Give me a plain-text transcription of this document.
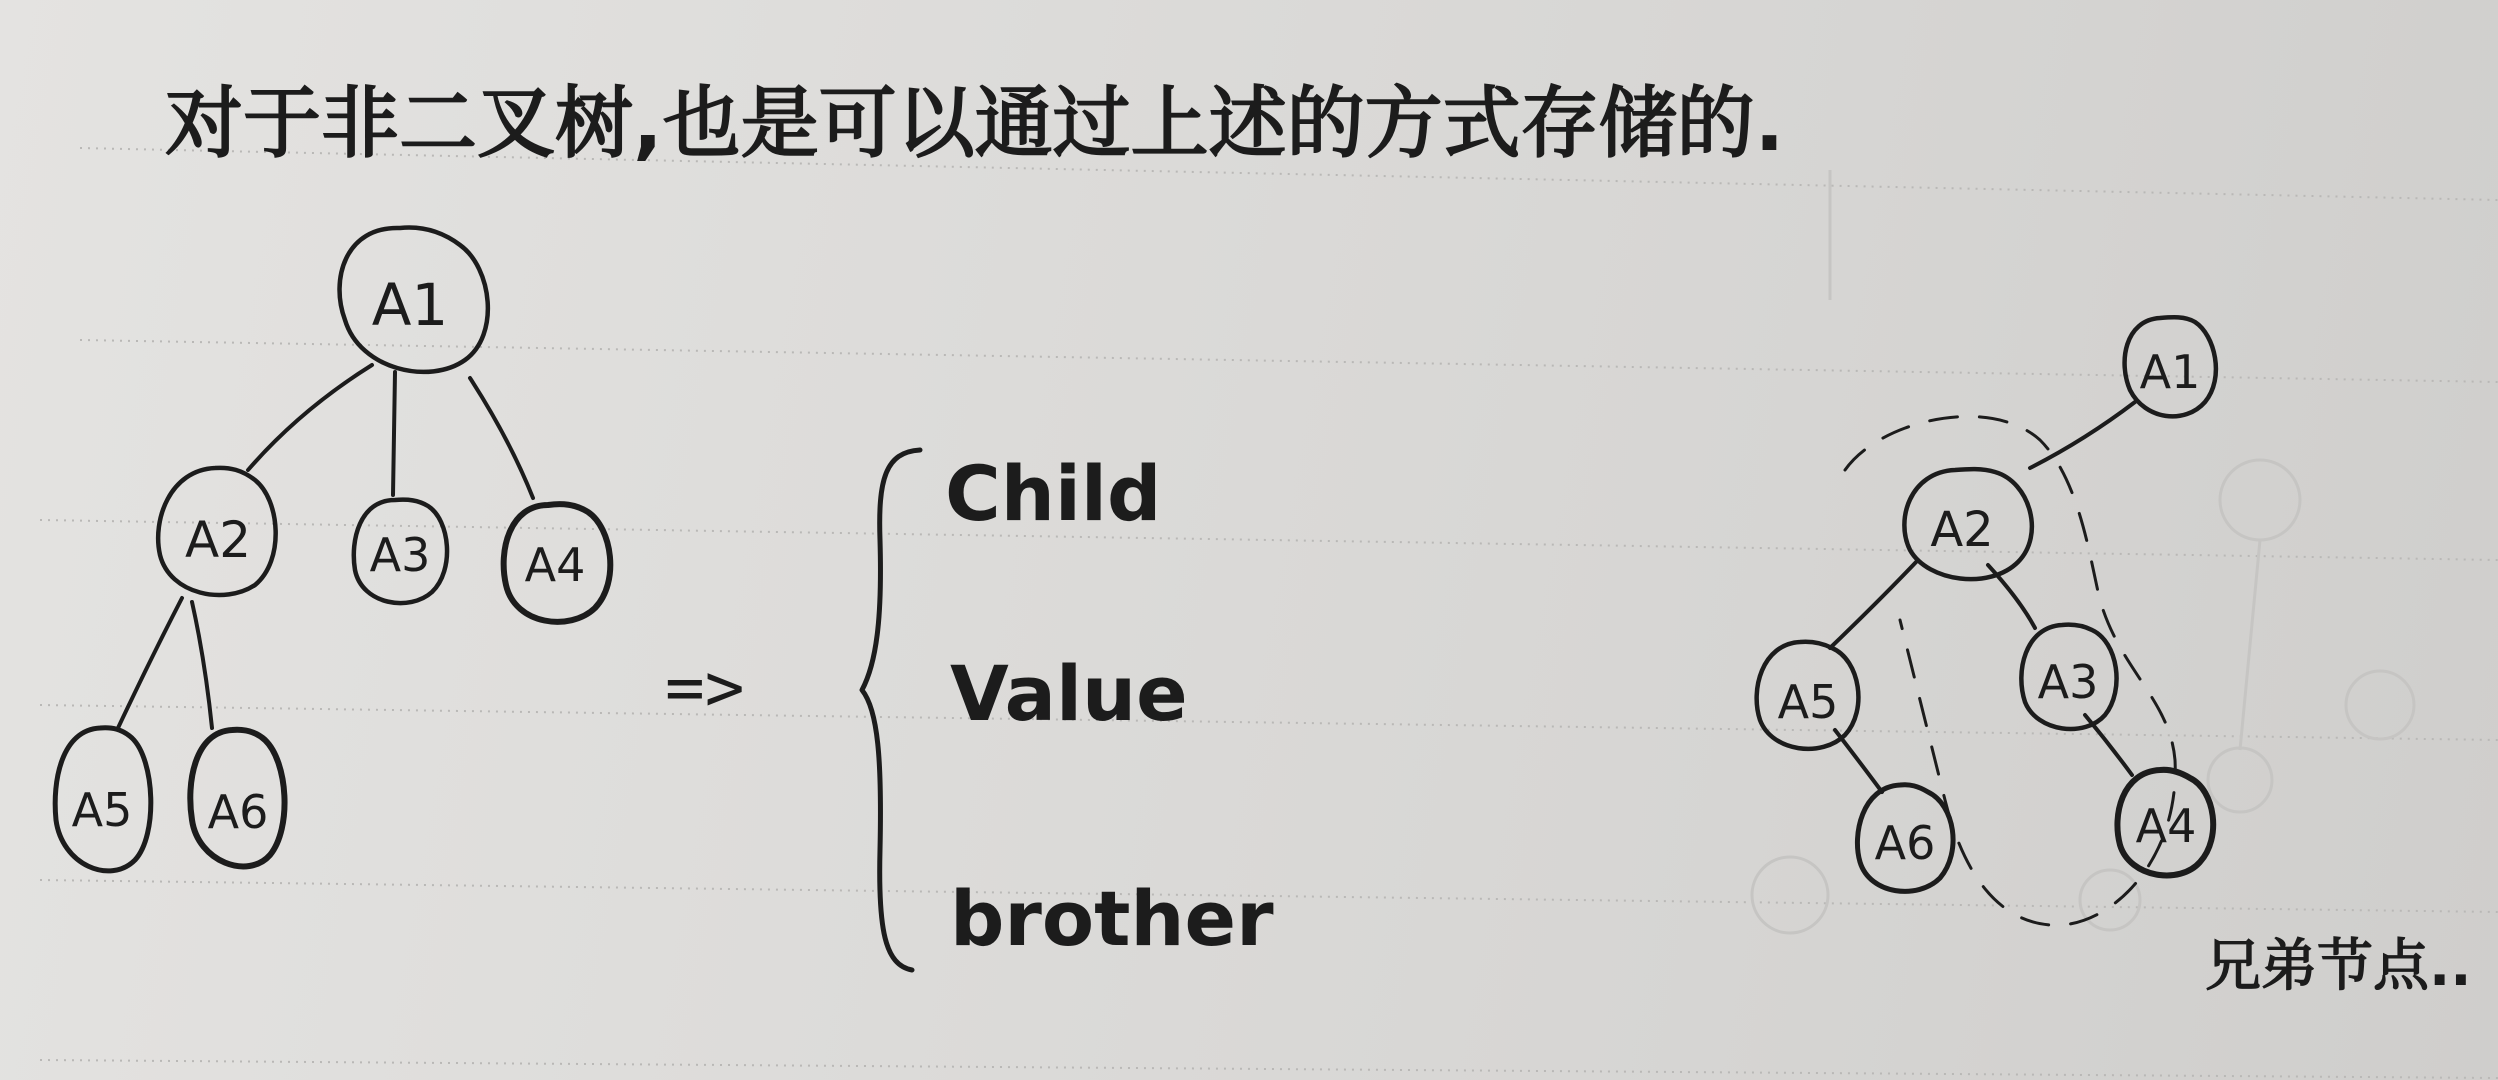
对于非二叉树,也是可以通过上述的方式存储的.
A1
A2	A3 A4
A5 A6
=>
Child
Value
brother
A1
A2
A5	A3
A6	A4
兄弟节点..
